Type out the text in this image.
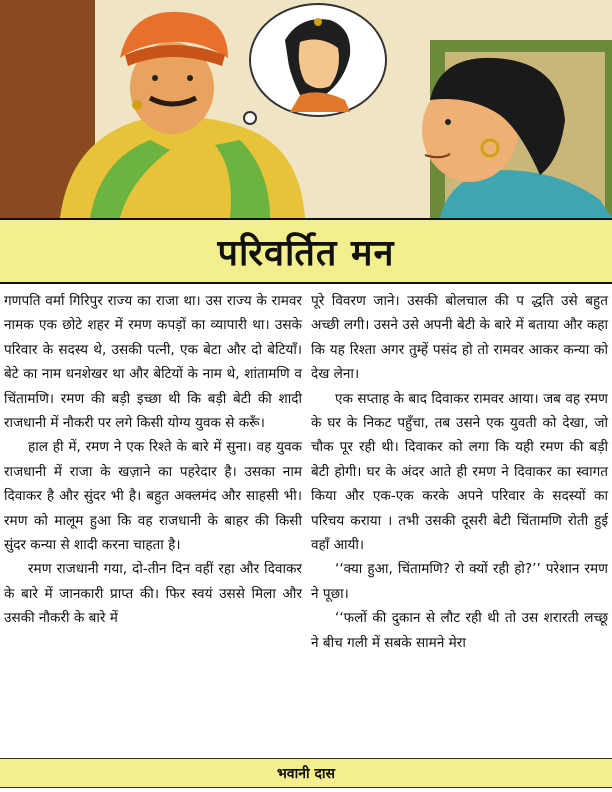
परिवर्तित मन

गणपति वर्मा गिरिपुर राज्य का राजा था। उस राज्य के रामवर नामक एक छोटे शहर में रमण कपड़ों का व्यापारी था। उसके परिवार के सदस्य थे, उसकी पत्नी, एक बेटा और दो बेटियाँ। बेटे का नाम धनशेखर था और बेटियों के नाम थे, शांतामणि व चिंतामणि। रमण की बड़ी इच्छा थी कि बड़ी बेटी की शादी राजधानी में नौकरी पर लगे किसी योग्य युवक से करूँ।

हाल ही में, रमण ने एक रिश्ते के बारे में सुना। वह युवक राजधानी में राजा के खज़ाने का पहरेदार है। उसका नाम दिवाकर है और सुंदर भी है। बहुत अक्लमंद और साहसी भी। रमण को मालूम हुआ कि वह राजधानी के बाहर की किसी सुंदर कन्या से शादी करना चाहता है।

रमण राजधानी गया, दो-तीन दिन वहीं रहा और दिवाकर के बारे में जानकारी प्राप्त की। फिर स्वयं उससे मिला और उसकी नौकरी के बारे में

पूरे विवरण जाने। उसकी बोलचाल की प द्धति उसे बहुत अच्छी लगी। उसने उसे अपनी बेटी के बारे में बताया और कहा कि यह रिश्ता अगर तुम्हें पसंद हो तो रामवर आकर कन्या को देख लेना।

एक सप्ताह के बाद दिवाकर रामवर आया। जब वह रमण के घर के निकट पहुँचा, तब उसने एक युवती को देखा, जो चौक पूर रही थी। दिवाकर को लगा कि यही रमण की बड़ी बेटी होगी। घर के अंदर आते ही रमण ने दिवाकर का स्वागत किया और एक-एक करके अपने परिवार के सदस्यों का परिचय कराया । तभी उसकी दूसरी बेटी चिंतामणि रोती हुई वहाँ आयी।

‘‘क्या हुआ, चिंतामणि? रो क्यों रही हो?’’ परेशान रमण ने पूछा।

‘‘फलों की दुकान से लौट रही थी तो उस शरारती लच्छू ने बीच गली में सबके सामने मेरा

भवानी दास
